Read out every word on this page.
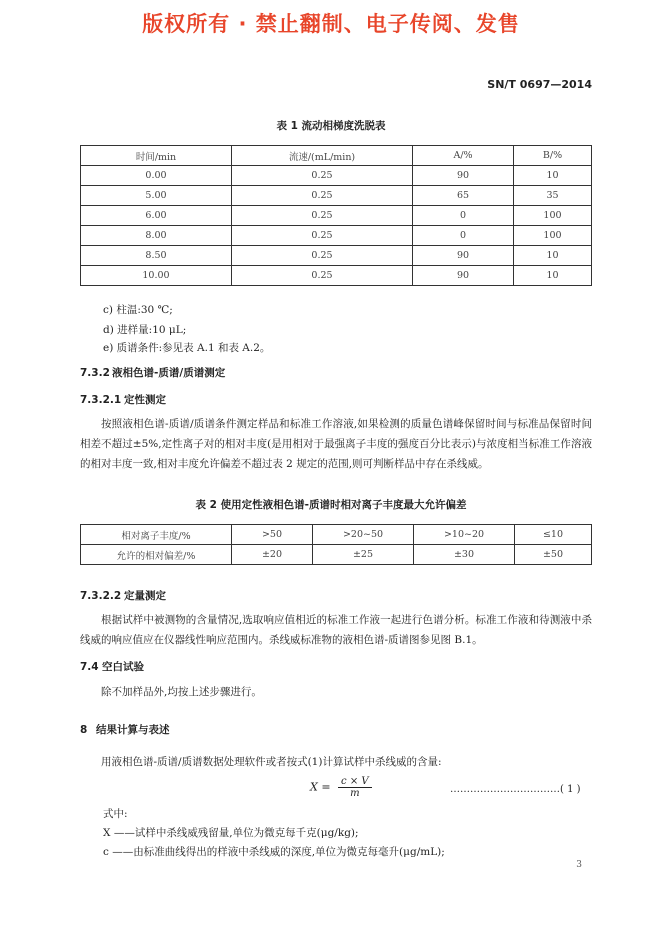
版权所有 · 禁止翻制、电子传阅、发售
SN/T 0697—2014
表 1 流动相梯度洗脱表
时间/min	流速/(mL/min)	A/%	B/%
0.00	0.25	90	10
5.00	0.25	65	35
6.00	0.25	0	100
8.00	0.25	0	100
8.50	0.25	90	10
10.00	0.25	90	10
c) 柱温:30 ℃;
d) 进样量:10 μL;
e) 质谱条件:参见表 A.1 和表 A.2。
7.3.2 液相色谱-质谱/质谱测定
7.3.2.1 定性测定
按照液相色谱-质谱/质谱条件测定样品和标准工作溶液,如果检测的质量色谱峰保留时间与标准品保留时间相差不超过±5%,定性离子对的相对丰度(是用相对于最强离子丰度的强度百分比表示)与浓度相当标准工作溶液的相对丰度一致,相对丰度允许偏差不超过表 2 规定的范围,则可判断样品中存在杀线威。
表 2 使用定性液相色谱-质谱时相对离子丰度最大允许偏差
相对离子丰度/%	>50	>20~50	>10~20	≤10
允许的相对偏差/%	±20	±25	±30	±50
7.3.2.2 定量测定
根据试样中被测物的含量情况,选取响应值相近的标准工作液一起进行色谱分析。标准工作液和待测液中杀线威的响应值应在仪器线性响应范围内。杀线威标准物的液相色谱-质谱图参见图 B.1。
7.4 空白试验
除不加样品外,均按上述步骤进行。
8 结果计算与表述
用液相色谱-质谱/质谱数据处理软件或者按式(1)计算试样中杀线威的含量:
$X = \frac{c \times V}{m}$	……………………………( 1 )
式中:
X ——试样中杀线威残留量,单位为微克每千克(μg/kg);
c ——由标准曲线得出的样液中杀线威的深度,单位为微克每毫升(μg/mL);
3
